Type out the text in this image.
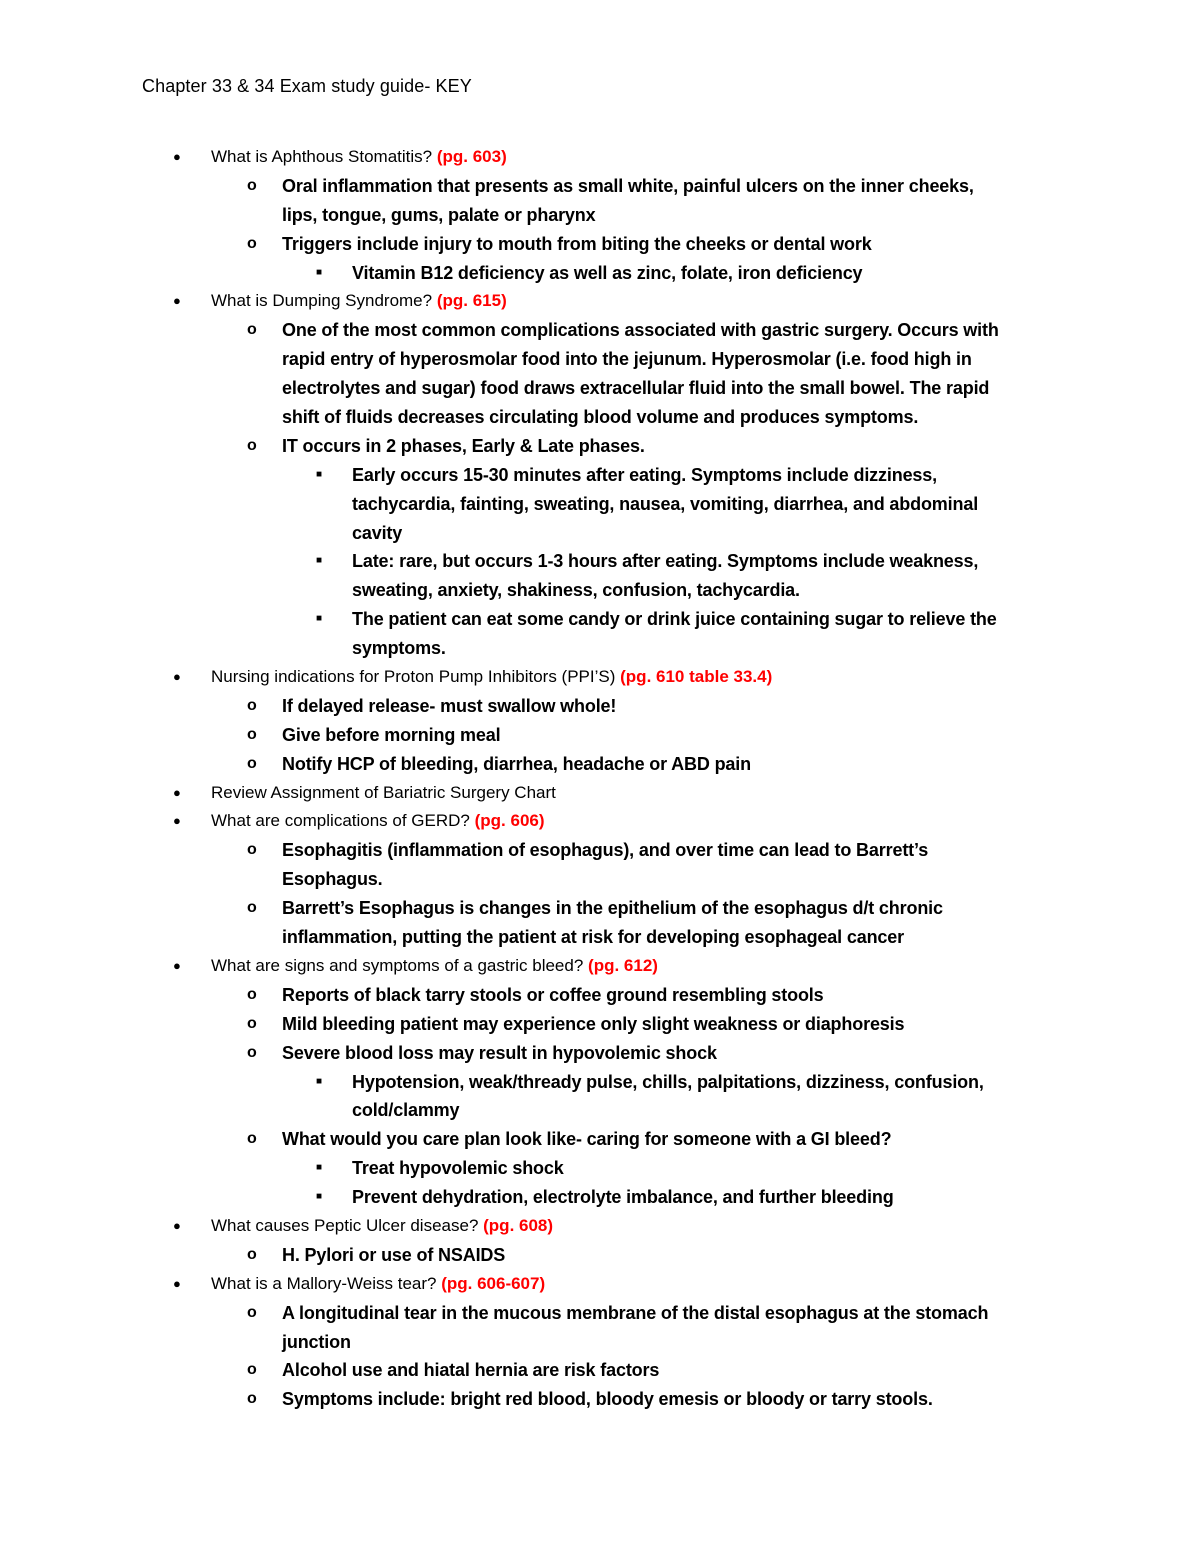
Chapter 33 & 34 Exam study guide- KEY
● What is Aphthous Stomatitis? (pg. 603)
o Oral inflammation that presents as small white, painful ulcers on the inner cheeks,
lips, tongue, gums, palate or pharynx
o Triggers include injury to mouth from biting the cheeks or dental work
■ Vitamin B12 deficiency as well as zinc, folate, iron deficiency
● What is Dumping Syndrome? (pg. 615)
o One of the most common complications associated with gastric surgery. Occurs with
rapid entry of hyperosmolar food into the jejunum. Hyperosmolar (i.e. food high in
electrolytes and sugar) food draws extracellular fluid into the small bowel. The rapid
shift of fluids decreases circulating blood volume and produces symptoms.
o IT occurs in 2 phases, Early & Late phases.
■ Early occurs 15-30 minutes after eating. Symptoms include dizziness,
tachycardia, fainting, sweating, nausea, vomiting, diarrhea, and abdominal
cavity
■ Late: rare, but occurs 1-3 hours after eating. Symptoms include weakness,
sweating, anxiety, shakiness, confusion, tachycardia.
■ The patient can eat some candy or drink juice containing sugar to relieve the
symptoms.
● Nursing indications for Proton Pump Inhibitors (PPI’S) (pg. 610 table 33.4)
o If delayed release- must swallow whole!
o Give before morning meal
o Notify HCP of bleeding, diarrhea, headache or ABD pain
● Review Assignment of Bariatric Surgery Chart
● What are complications of GERD? (pg. 606)
o Esophagitis (inflammation of esophagus), and over time can lead to Barrett’s
Esophagus.
o Barrett’s Esophagus is changes in the epithelium of the esophagus d/t chronic
inflammation, putting the patient at risk for developing esophageal cancer
● What are signs and symptoms of a gastric bleed? (pg. 612)
o Reports of black tarry stools or coffee ground resembling stools
o Mild bleeding patient may experience only slight weakness or diaphoresis
o Severe blood loss may result in hypovolemic shock
■ Hypotension, weak/thready pulse, chills, palpitations, dizziness, confusion,
cold/clammy
o What would you care plan look like- caring for someone with a GI bleed?
■ Treat hypovolemic shock
■ Prevent dehydration, electrolyte imbalance, and further bleeding
● What causes Peptic Ulcer disease? (pg. 608)
o H. Pylori or use of NSAIDS
● What is a Mallory-Weiss tear? (pg. 606-607)
o A longitudinal tear in the mucous membrane of the distal esophagus at the stomach
junction
o Alcohol use and hiatal hernia are risk factors
o Symptoms include: bright red blood, bloody emesis or bloody or tarry stools.
